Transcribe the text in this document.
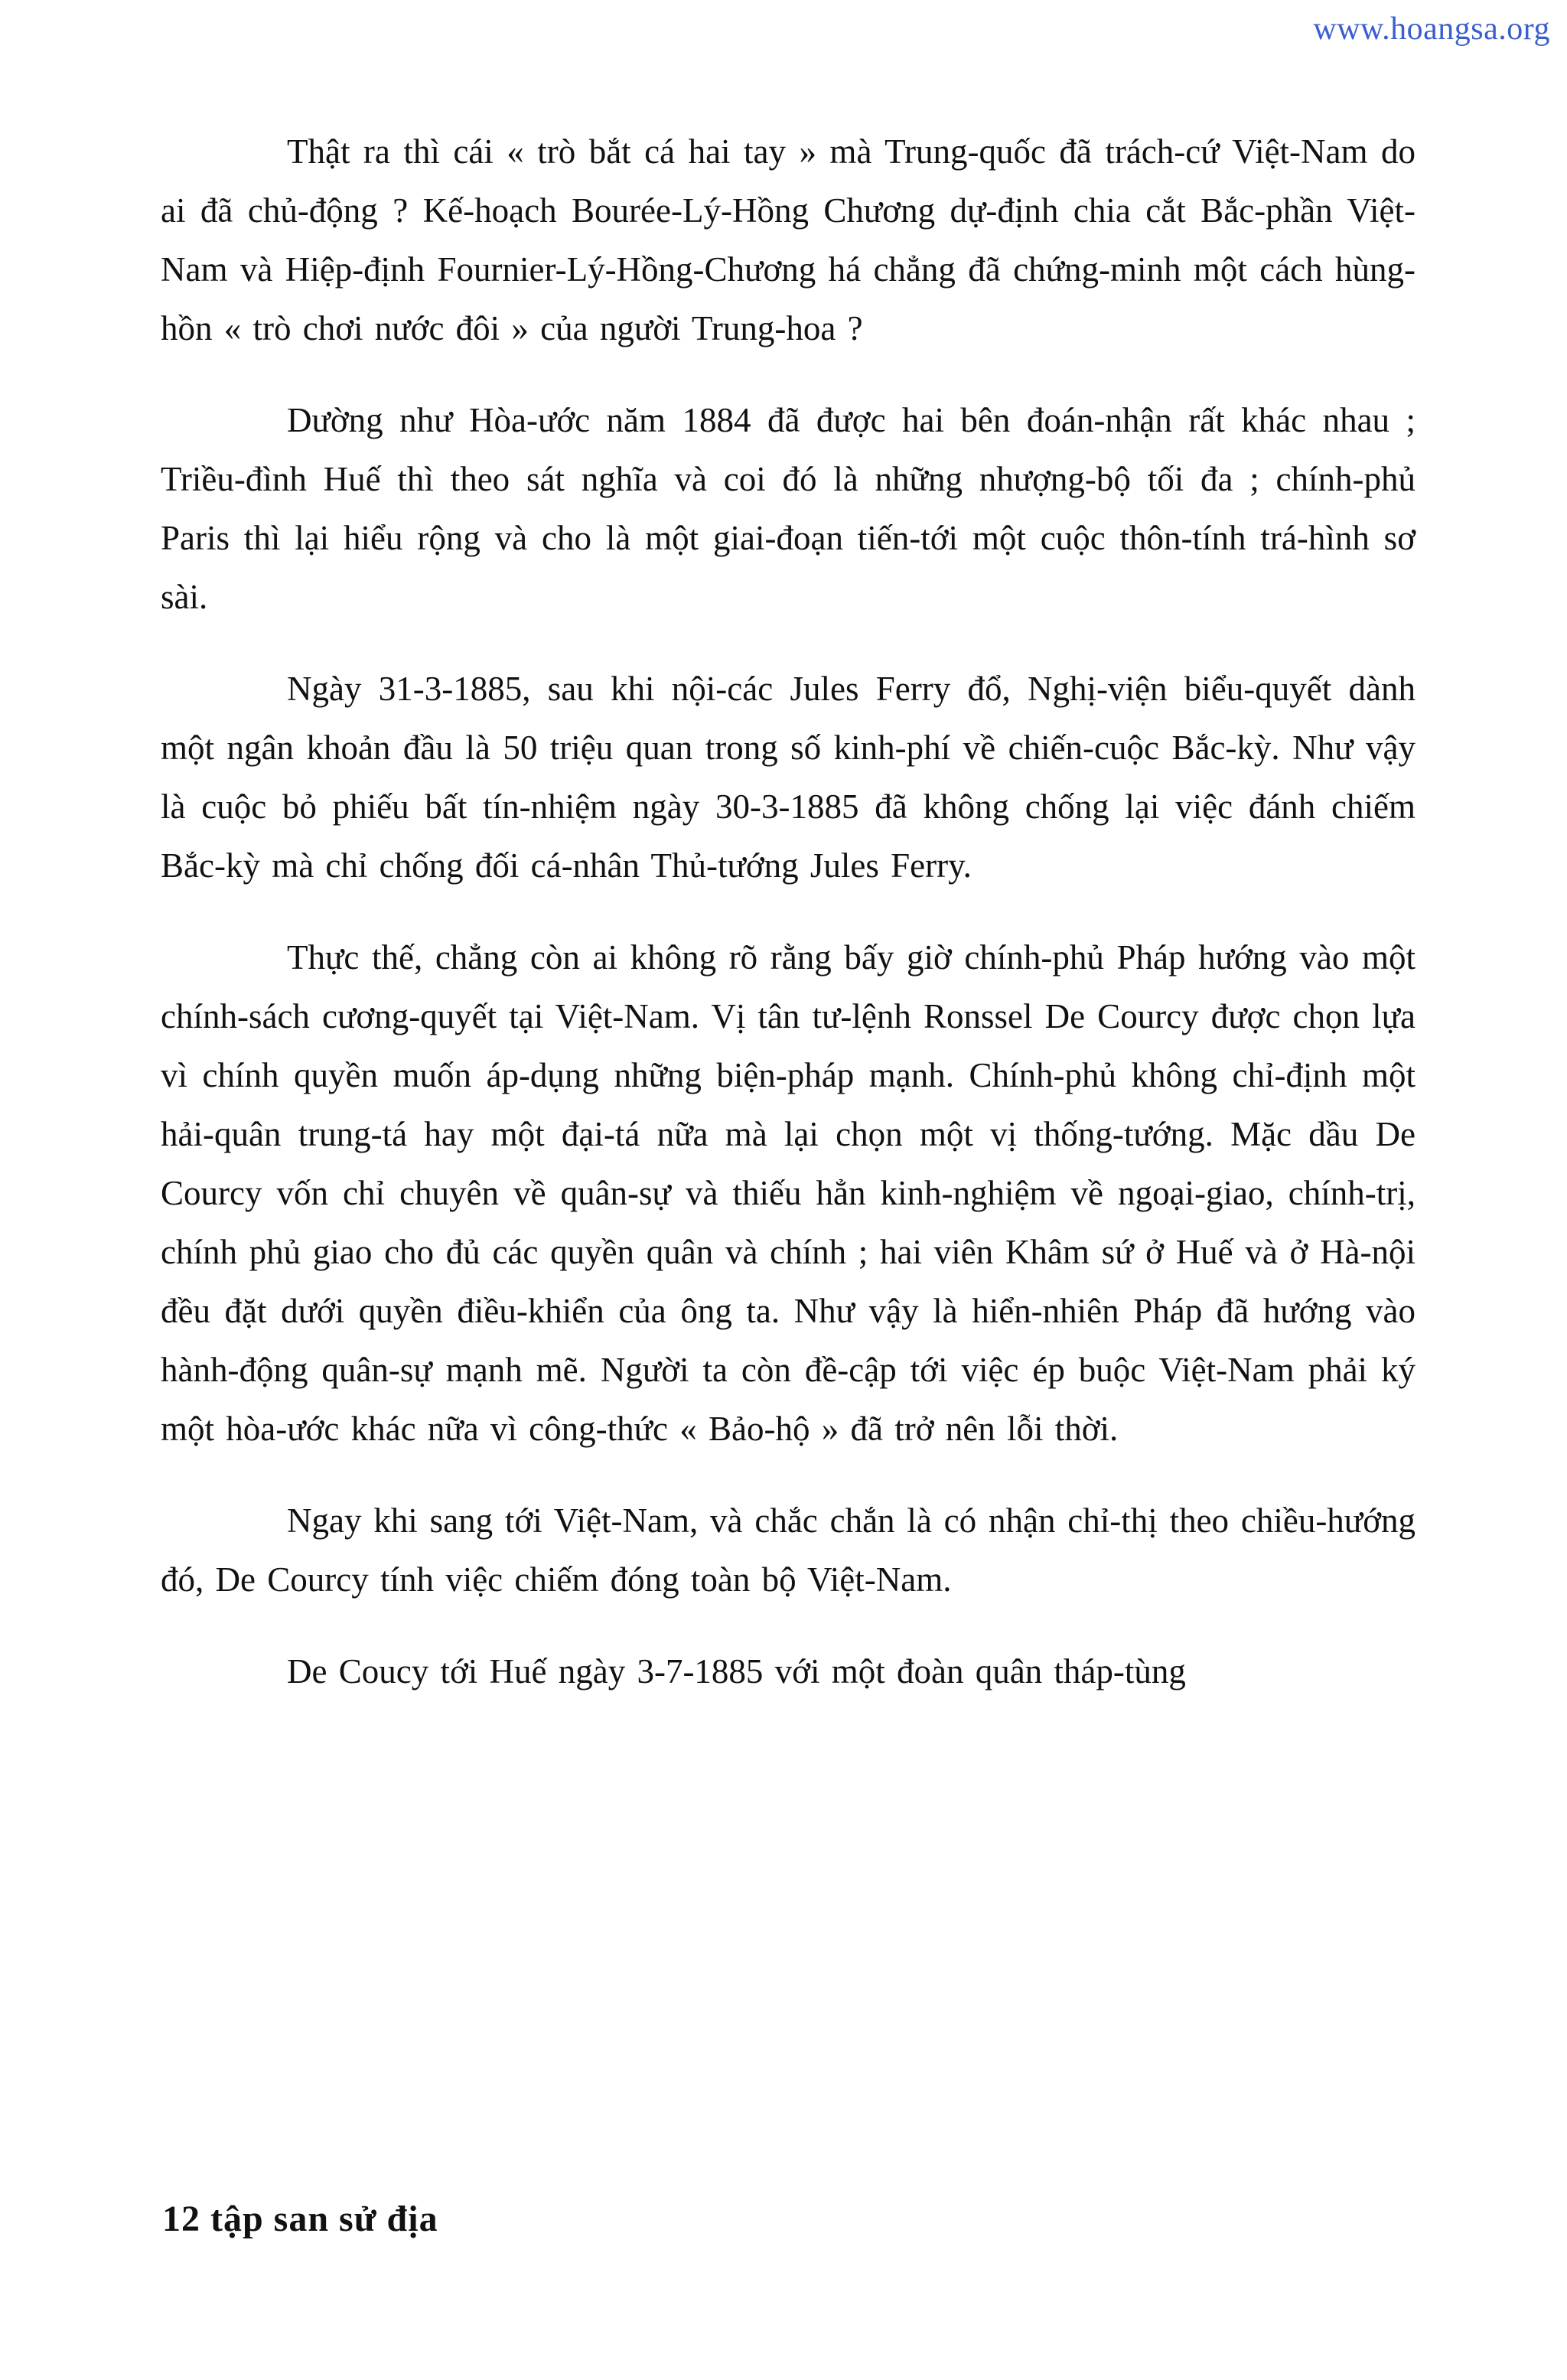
www.hoangsa.org

Thật ra thì cái « trò bắt cá hai tay » mà Trung-quốc đã trách-cứ Việt-Nam do ai đã chủ-động ? Kế-hoạch Bourée-Lý-Hồng Chương dự-định chia cắt Bắc-phần Việt-Nam và Hiệp-định Fournier-Lý-Hồng-Chương há chẳng đã chứng-minh một cách hùng-hồn « trò chơi nước đôi » của người Trung-hoa ?

Dường như Hòa-ước năm 1884 đã được hai bên đoán-nhận rất khác nhau ; Triều-đình Huế thì theo sát nghĩa và coi đó là những nhượng-bộ tối đa ; chính-phủ Paris thì lại hiểu rộng và cho là một giai-đoạn tiến-tới một cuộc thôn-tính trá-hình sơ sài.

Ngày 31-3-1885, sau khi nội-các Jules Ferry đổ, Nghị-viện biểu-quyết dành một ngân khoản đầu là 50 triệu quan trong số kinh-phí về chiến-cuộc Bắc-kỳ. Như vậy là cuộc bỏ phiếu bất tín-nhiệm ngày 30-3-1885 đã không chống lại việc đánh chiếm Bắc-kỳ mà chỉ chống đối cá-nhân Thủ-tướng Jules Ferry.

Thực thế, chẳng còn ai không rõ rằng bấy giờ chính-phủ Pháp hướng vào một chính-sách cương-quyết tại Việt-Nam. Vị tân tư-lệnh Ronssel De Courcy được chọn lựa vì chính quyền muốn áp-dụng những biện-pháp mạnh. Chính-phủ không chỉ-định một hải-quân trung-tá hay một đại-tá nữa mà lại chọn một vị thống-tướng. Mặc dầu De Courcy vốn chỉ chuyên về quân-sự và thiếu hẳn kinh-nghiệm về ngoại-giao, chính-trị, chính phủ giao cho đủ các quyền quân và chính ; hai viên Khâm sứ ở Huế và ở Hà-nội đều đặt dưới quyền điều-khiển của ông ta. Như vậy là hiển-nhiên Pháp đã hướng vào hành-động quân-sự mạnh mẽ. Người ta còn đề-cập tới việc ép buộc Việt-Nam phải ký một hòa-ước khác nữa vì công-thức « Bảo-hộ » đã trở nên lỗi thời.

Ngay khi sang tới Việt-Nam, và chắc chắn là có nhận chỉ-thị theo chiều-hướng đó, De Courcy tính việc chiếm đóng toàn bộ Việt-Nam.

De Coucy tới Huế ngày 3-7-1885 với một đoàn quân tháp-tùng

12 tập san sử địa
